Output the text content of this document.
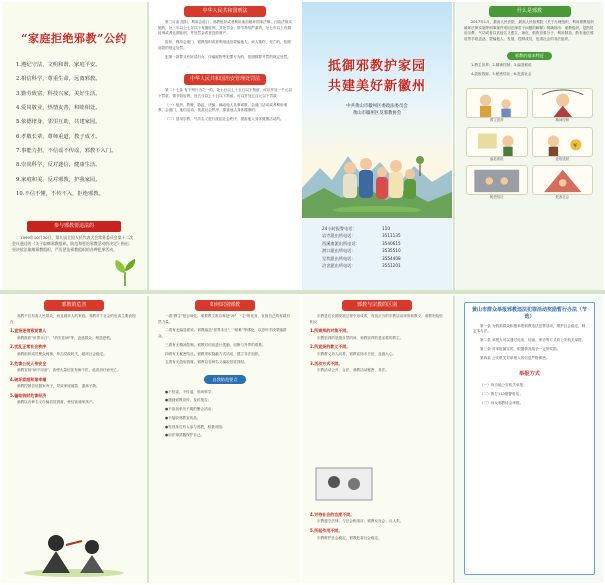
“家庭拒绝邪教”公约
1.遵纪守法，文明和谐，家庭平安。
2.相信科学，尊重生命，远离邪教。
3.勤劳致富，科技兴家，美好生活。
4.爱岗敬业，热情友善，和睦相处。
5.依德律身，邻里互助，共建家园。
6.孝敬长辈，尊师重道，教子成才。
7.事能力担，不信谣不传谣，邪教不入门。
8.崇尚科学，反对迷信，健康生活。
9.家庭和美，反对邪教，护我家园。
10.不信不懂，不传不入，拒绝邪教。
参与邪教要违法的
1999年10月30日，第九届全国人民代表大会常务委员会第十二次会议通过的《关于取缔邪教组织、防范和惩治邪教活动的决定》指出：坚决依法取缔邪教组织，严厉惩治邪教组织的各种犯罪活动。
中华人民共和国刑法

第三百条 组织、利用会道门、邪教组织或者利用迷信破坏国家法律、行政法规实施的，处三年以上七年以下有期徒刑，并处罚金；情节特别严重的，处七年以上有期徒刑或者无期徒刑，并处罚金或者没收财产。

组织、利用会道门、邪教组织或者利用迷信蒙骗他人，致人重伤、死亡的，依照前款的规定处罚。

犯第一款罪又有奸淫妇女、诈骗财物等犯罪行为的，依照数罪并罚的规定处罚。

中华人民共和国治安管理处罚法

第二十七条 有下列行为之一的，处十日以上十五日以下拘留，可以并处一千元以下罚款；情节较轻的，处五日以上十日以下拘留，可以并处五百元以下罚款：

（一）组织、教唆、胁迫、诱骗、煽动他人从事邪教、会道门活动或者利用邪教、会道门、迷信活动，扰乱社会秩序、损害他人身体健康的；

（二）冒用宗教、气功名义进行扰乱社会秩序、损害他人身体健康活动的。

抵御邪教护家园
共建美好新徽州
中共黄山市徽州区委政法委员会
黄山市徽州区反邪教协会
24小时报警电话：	110
岩寺派出所电话：	3511135
西溪南派出所电话：	3540615
潜口派出所电话：	3535510
呈坎派出所电话：	3554408
洽舍派出所电话：	3551201
什么是邪教

2017年1月，最高人民法院、最高人民检察院《关于办理组织、利用邪教组织破坏法律实施等刑事案件适用法律若干问题的解释》明确指出：邪教组织，是指冒用宗教、气功或者以其他名义建立，神化、鼓吹首要分子，利用制造、散布迷信邪说等手段蛊惑、蒙骗他人，发展、控制成员，危害社会的非法组织。

邪教的基本特征

1.教主崇拜；2.精神控制；3.编造邪说

4.敛取钱财；5.秘密结社；6.危害社会

教主崇拜	精神控制
编造邪说
¥
敛取钱财
秘密结社	危害社会
邪教的危害

邪教不仅有害人民群众，而且破坏人的家庭。邪教对于社会的危害主要表现在：

1.宣扬迷信邪说害人

邪教鼓吹"世界末日"、"消灾祛病"等，蛊惑群众、制造恐慌。

2.扰乱正常社会秩序

邪教组织成员聚众闹事，冲击党政机关，破坏社会稳定。

3.危害公民人身安全

邪教宣扬"病不用治"，致使大量信徒有病不医，延误治疗而死亡。

4.破坏家庭和谐幸福

邪教控制信徒抛家弃子，导致家庭破裂、妻离子散。

5.骗取钱财危害经济

邪教以各种名义诈骗信徒钱财，使信徒倾家荡产。

如何识别邪教

一看"教主"是否神化。邪教教主都自称是"神"、"主"的化身，宣扬自己具有超自然力量。

二看有无编造邪说。邪教编造"世界末日"、"劫难"等谬论，以恐吓手段蒙骗群众。

三看有无精神控制。邪教对信徒进行洗脑，切断与外界的联系。

四看有无秘密结社。邪教采取隐蔽方式活动，建立非法组织。

五看有无敛取钱财。邪教以各种名义骗取信徒钱财。

自我防范要点

●不信谣，不传谣，崇尚科学；

●遇到邪教宣传，及时报告；

●不参加来历不明的聚会活动；

●不接收邪教宣传品；

●发现身边有人参与邪教，积极劝阻；

●用法律武器保护自己。

邪教与宗教的区别

宗教是在长期发展过程中形成的，有其正当的宗教活动场所和教义，邪教则恰恰相反：

1.所崇拜的对象不同。

宗教崇拜的是超自然的神，邪教崇拜的是活着的教主。

2.所宣扬的教义不同。

宗教教义劝人向善，邪教宣扬末日论、蛊惑人心。

3.活动方式不同。

宗教活动公开、合法，邪教活动秘密、非法。

4.对待社会的态度不同。

宗教遵守法律，与社会相适应；邪教反社会、反人类。

5.所起作用不同。

宗教维护社会稳定，邪教危害社会稳定。

黄山市群众举报邪教违法犯罪活动奖励暂行办法（节选）

第一条 为鼓励群众积极举报邪教违法犯罪活动，维护社会稳定，制定本办法。

第二条 举报人可以通过电话、信函、来访等方式向公安机关举报。

第三条 对举报属实的，根据情况给予一定的奖励。

第四条 公安机关对举报人的信息严格保密。

举报方式

（一）向当地公安机关举报；

（二）拨打110报警电话；

（三）向反邪教协会举报。
